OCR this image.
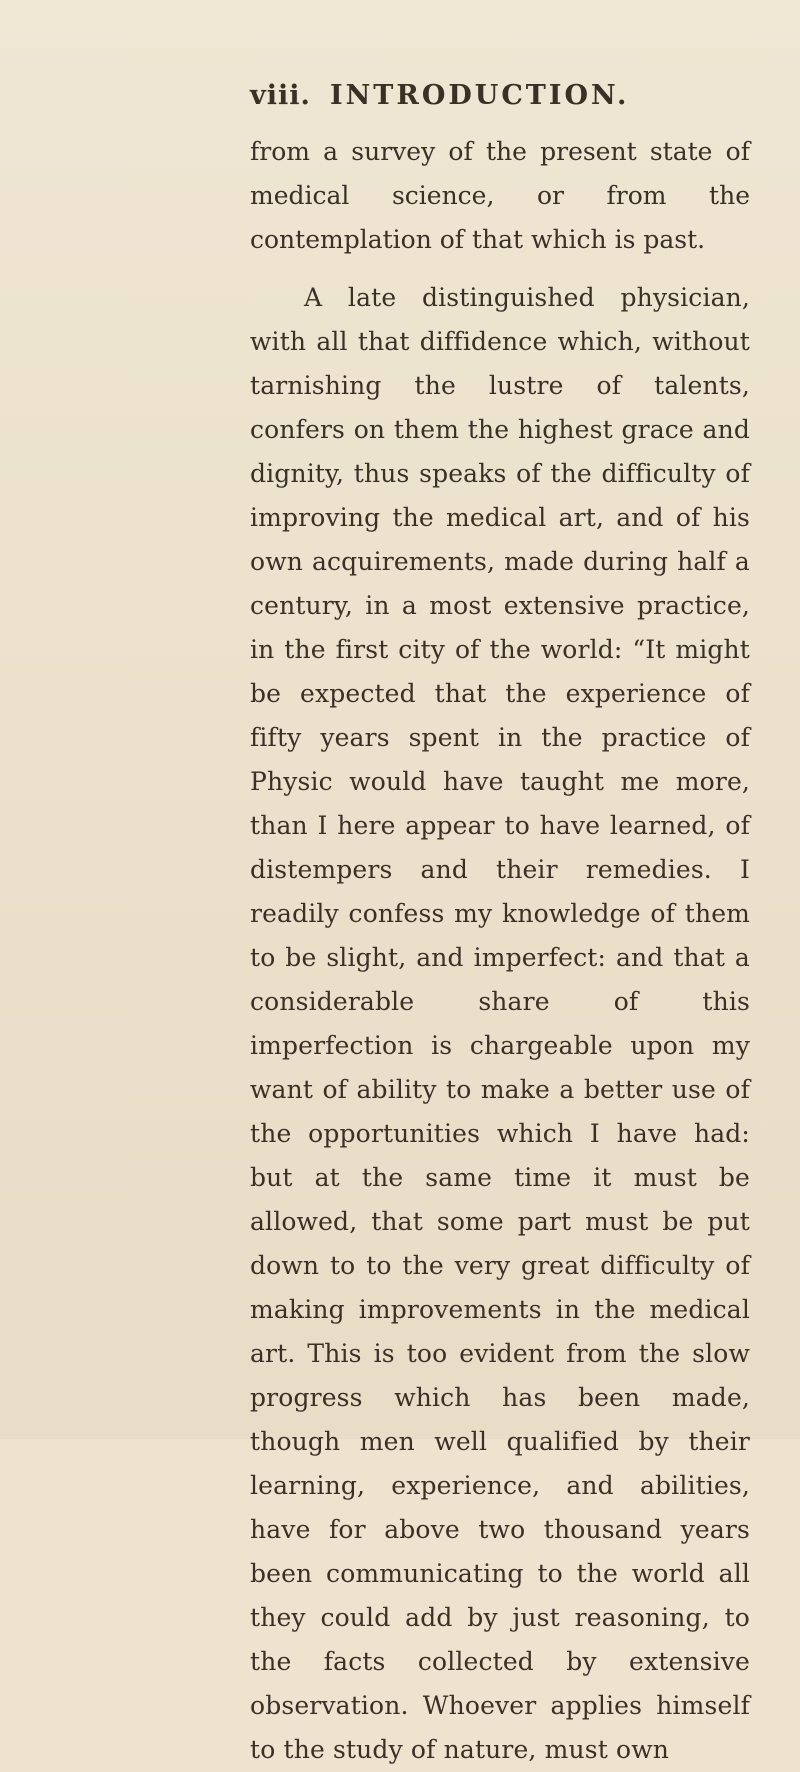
viii. INTRODUCTION.

from a survey of the present state of medical science, or from the contemplation of that which is past.

A late distinguished physician, with all that diffidence which, without tarnishing the lustre of talents, confers on them the highest grace and dignity, thus speaks of the difficulty of improving the medical art, and of his own acquirements, made during half a century, in a most extensive practice, in the first city of the world: “It might be expected that the experience of fifty years spent in the practice of Physic would have taught me more, than I here appear to have learned, of distempers and their remedies. I readily confess my knowledge of them to be slight, and imperfect: and that a considerable share of this imperfection is chargeable upon my want of ability to make a better use of the opportunities which I have had: but at the same time it must be allowed, that some part must be put down to to the very great difficulty of making improvements in the medical art. This is too evident from the slow progress which has been made, though men well qualified by their learning, experience, and abilities, have for above two thousand years been communicating to the world all they could add by just reasoning, to the facts collected by extensive observation. Whoever applies himself to the study of nature, must own
